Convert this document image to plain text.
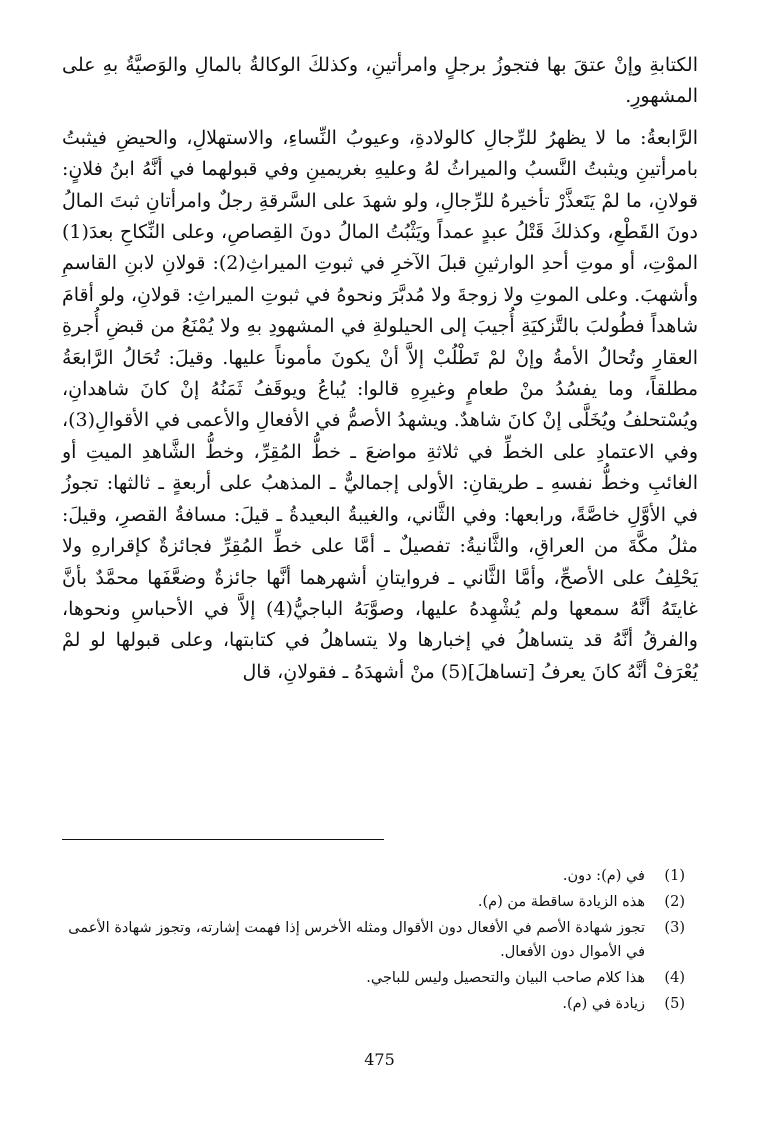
الكتابةِ وإنْ عتقَ بها فتجوزُ برجلٍ وامرأتينِ، وكذلكَ الوكالةُ بالمالِ والوَصيَّةُ بهِ على المشهورِ.

الرَّابعةُ: ما لا يظهرُ للرِّجالِ كالولادةِ، وعيوبُ النِّساءِ، والاستهلالِ، والحيضِ فيثبتُ بامرأتينِ ويثبتُ النَّسبُ والميراثُ لهُ وعليهِ بغريمينِ وفي قبولهما في أنَّهُ ابنُ فلانٍ: قولانِ، ما لمْ يَتَعذَّرْ تأخيرهُ للرِّجالِ، ولو شهدَ على السَّرقةِ رجلٌ وامرأتانِ ثبتَ المالُ دونَ القَطْعِ، وكذلكَ قَتْلُ عبدٍ عمداً ويَثْبُتُ المالُ دونَ القِصاصِ، وعلى النِّكاحِ بعدَ(1) الموْتِ، أو موتِ أحدِ الوارثينِ قبلَ الآخرِ في ثبوتِ الميراثِ(2): قولانِ لابنِ القاسمِ وأشهبَ. وعلى الموتِ ولا زوجةَ ولا مُدبَّرَ ونحوهُ في ثبوتِ الميراثِ: قولانِ، ولو أقامَ شاهداً فطُولبَ بالتَّزكيَةِ أُجيبَ إلى الحيلولةِ في المشهودِ بهِ ولا يُمْنَعُ من قبضِ أُجرةِ العقارِ وتُحالُ الأمةُ وإنْ لمْ تَطْلُبْ إلاَّ أنْ يكونَ مأموناً عليها. وقيلَ: تُحَالُ الرَّابعَةُ مطلقاً، وما يفسُدُ منْ طعامٍ وغيرِهِ قالوا: يُباعُ ويوقَفُ ثَمَنُهُ إنْ كانَ شاهدانِ، ويُسْتحلفُ ويُخَلَّى إنْ كانَ شاهدٌ. ويشهدُ الأصمُّ في الأفعالِ والأعمى في الأقوالِ(3)، وفي الاعتمادِ على الخطِّ في ثلاثةِ مواضعَ ـ خطُّ المُقِرِّ، وخطُّ الشَّاهدِ الميتِ أو الغائبِ وخطُّ نفسهِ ـ طريقانِ: الأولى إجماليٌّ ـ المذهبُ على أربعةٍ ـ ثالثها: تجوزُ في الأوَّلِ خاصَّةً، ورابعها: وفي الثَّاني، والغيبةُ البعيدةُ ـ قيلَ: مسافةُ القصرِ، وقيلَ: مثلُ مكَّةَ من العراقِ، والثَّانيةُ: تفصيلٌ ـ أمَّا على خطِّ المُقِرِّ فجائزةٌ كإقرارهِ ولا يَحْلِفُ على الأصحِّ، وأمَّا الثَّاني ـ فروايتانِ أشهرهما أنَّها جائزةٌ وضعَّفَها محمَّدٌ بأنَّ غايتَهُ أنَّهُ سمعها ولم يُشْهِدهُ عليها، وصوَّبَهُ الباجيُّ(4) إلاَّ في الأحباسِ ونحوها، والفرقُ أنَّهُ قد يتساهلُ في إخبارها ولا يتساهلُ في كتابتها، وعلى قبولها لو لمْ يُعْرَفْ أنَّهُ كانَ يعرفُ [تساهلَ](5) منْ أشهدَهُ ـ فقولانِ، قال

(1)
في (م): دون.
(2)
هذه الزيادة ساقطة من (م).
(3)
تجوز شهادة الأصم في الأفعال دون الأقوال ومثله الأخرس إذا فهمت إشارته، وتجوز شهادة الأعمى في الأموال دون الأفعال.
(4)
هذا كلام صاحب البيان والتحصيل وليس للباجي.
(5)
زيادة في (م).
475
